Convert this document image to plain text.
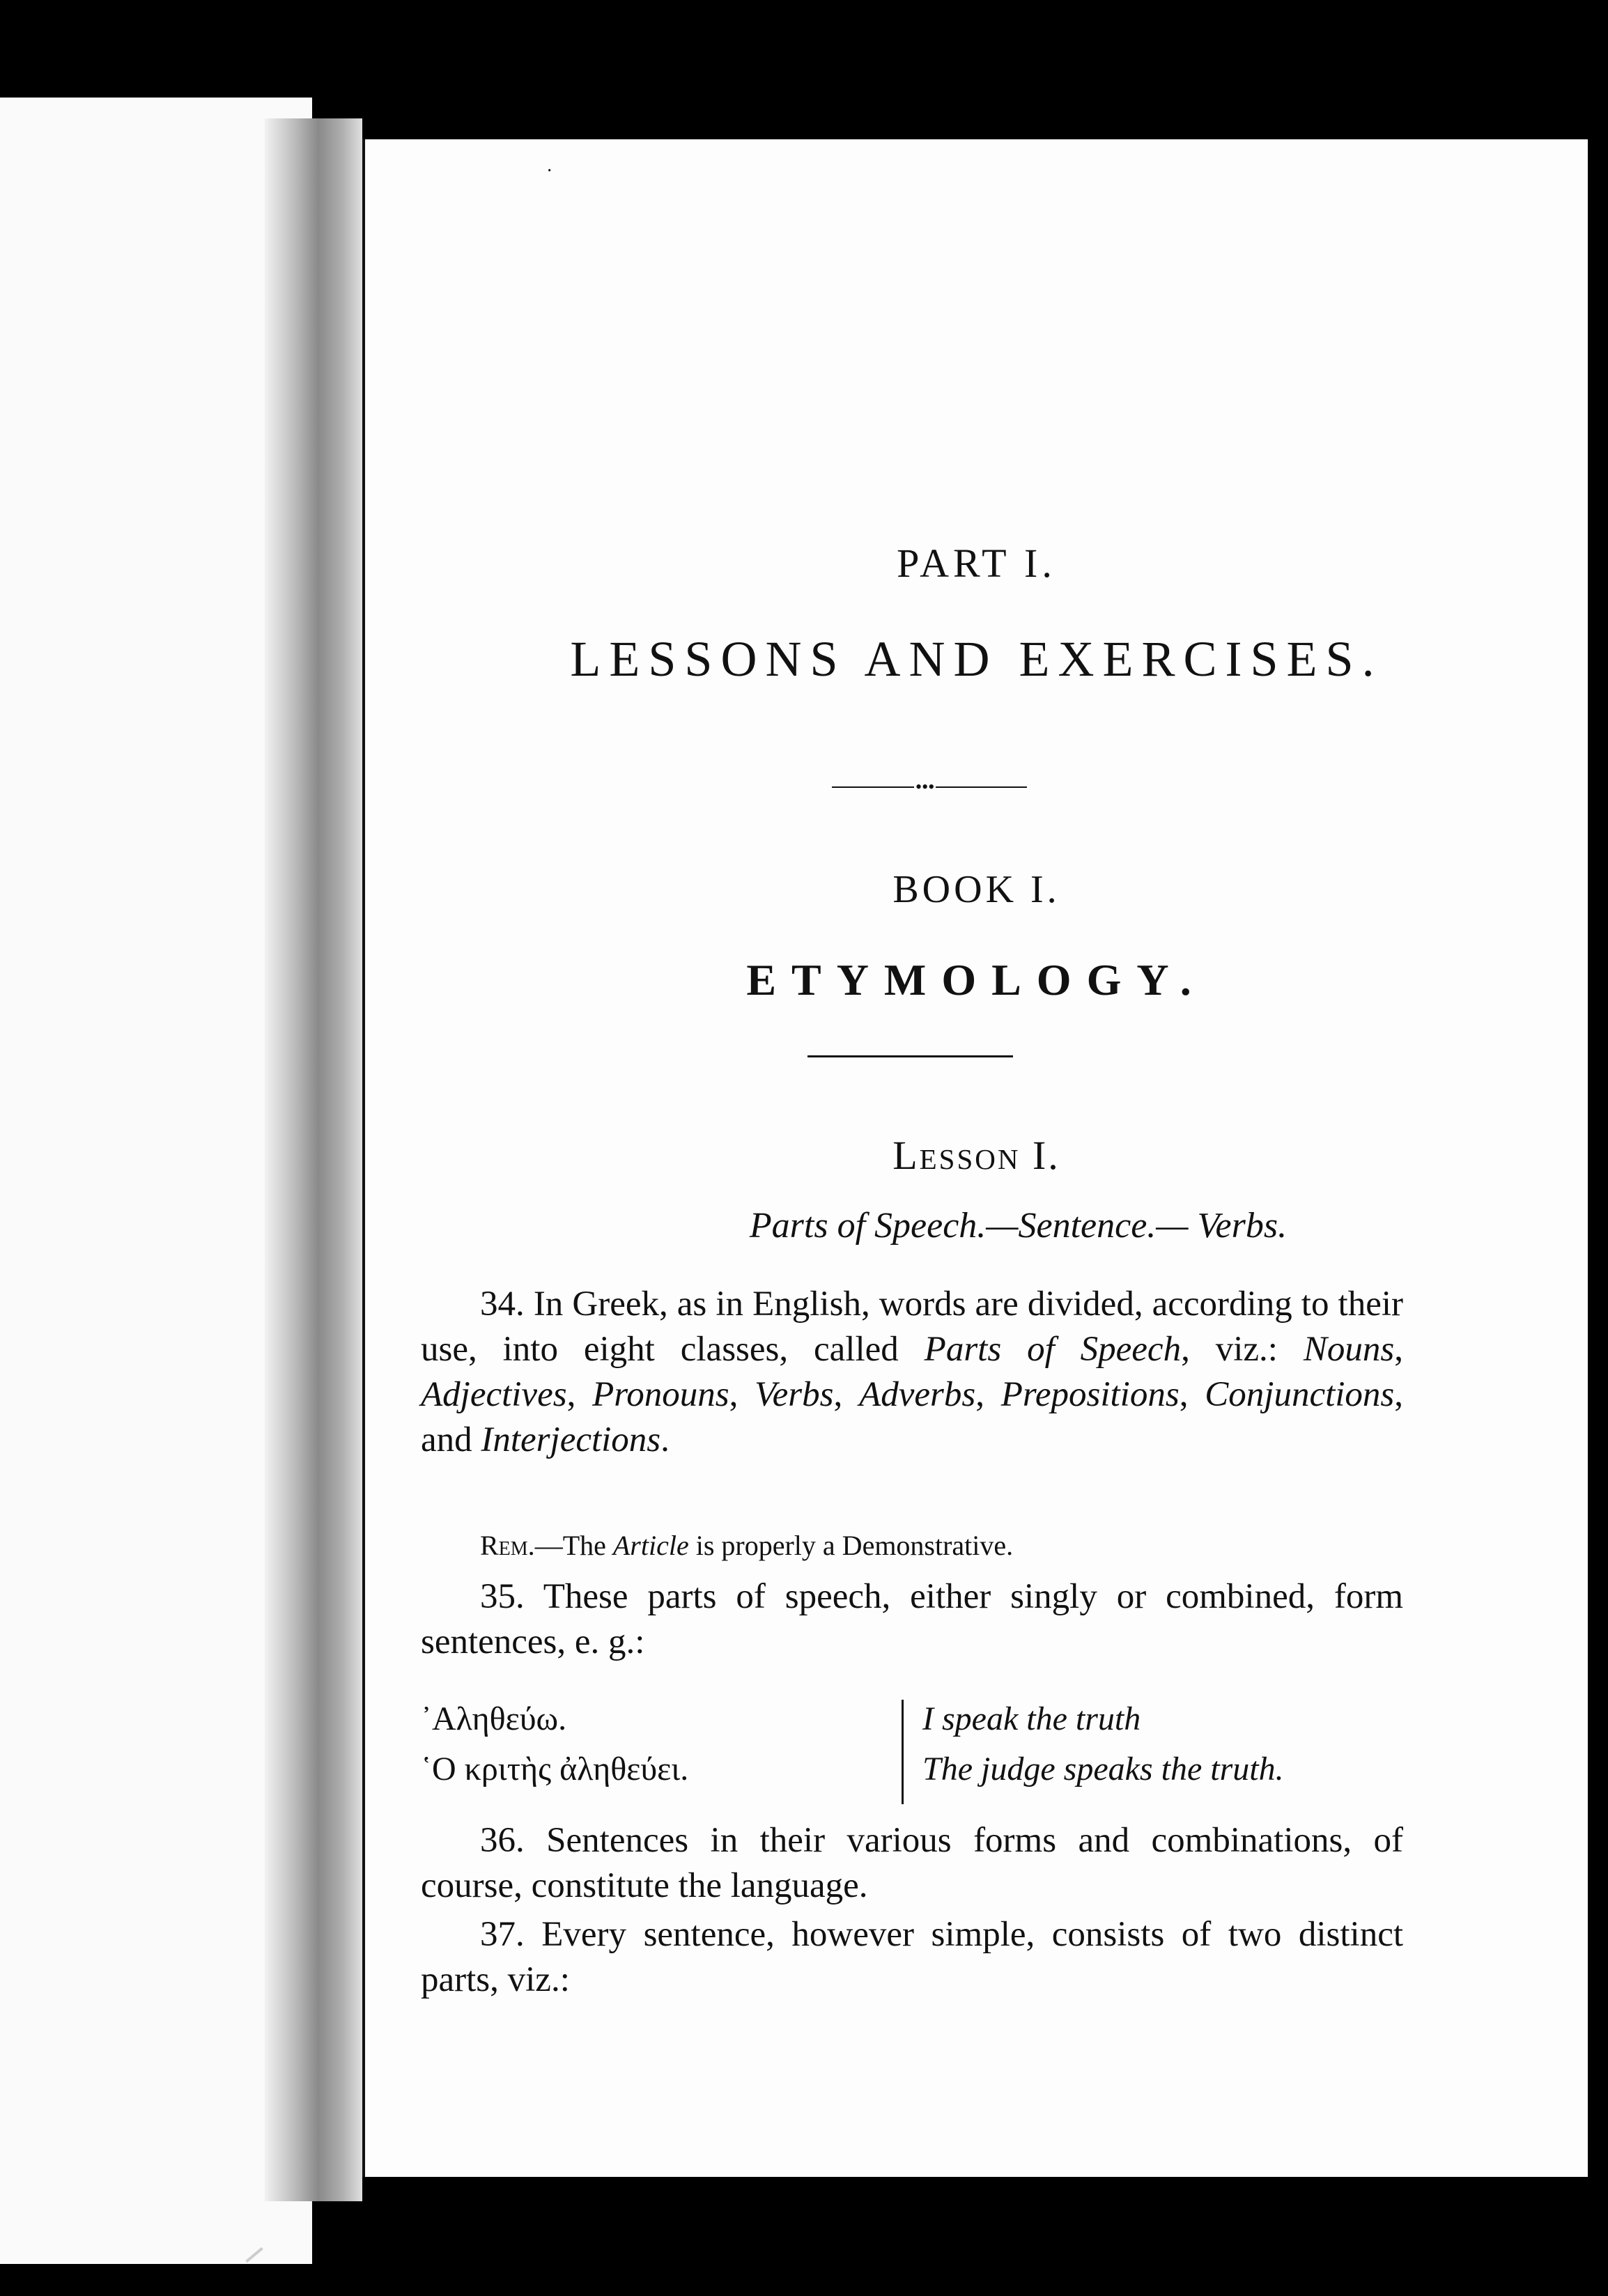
·
PART I.
LESSONS AND EXERCISES.
•••
BOOK I.
ETYMOLOGY.
Lesson I.
Parts of Speech.—Sentence.— Verbs.

34. In Greek, as in English, words are divided, according to their use, into eight classes, called Parts of Speech, viz.: Nouns, Adjectives, Pronouns, Verbs, Adverbs, Prepositions, Conjunctions, and Interjections.

Rem.—The Article is properly a Demonstrative.

35. These parts of speech, either singly or combined, form sentences, e. g.:

᾿Αληθεύω.	I speak the truth
῾Ο κριτὴς ἀληθεύει.	The judge speaks the truth.

36. Sentences in their various forms and combinations, of course, constitute the language.

37. Every sentence, however simple, consists of two distinct parts, viz.:
